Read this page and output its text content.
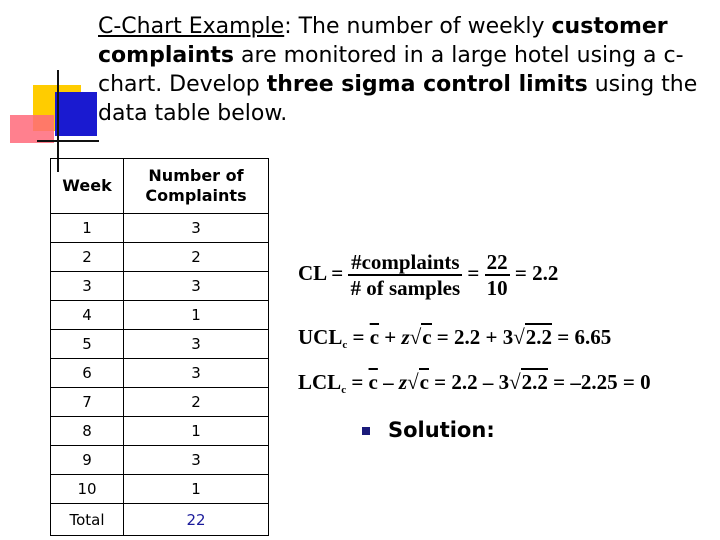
C-Chart Example: The number of weekly customer complaints are monitored in a large hotel using a c-chart. Develop three sigma control limits using the data table below.
Week	Number of Complaints
1	3
2	2
3	3
4	1
5	3
6	3
7	2
8	1
9	3
10	1
Total	22
CL = $\frac{\text{\#complaints}}{\text{\# of samples}} = \frac{22}{10} = 2.2$
$UCL_c = \overline{c} + z√c = 2.2 + 3√2.2 = 6.65$
$LCL_c = \overline{c} - z√c = 2.2 - 3√2.2 = -2.25 = 0$
Solution:
